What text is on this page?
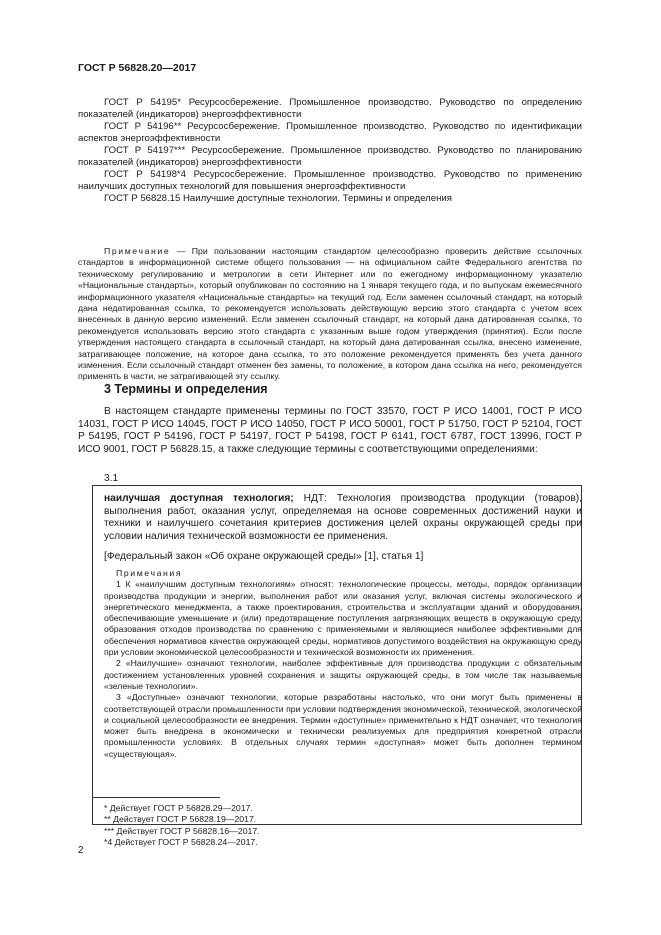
ГОСТ Р 56828.20—2017

ГОСТ Р 54195* Ресурсосбережение. Промышленное производство. Руководство по определению показателей (индикаторов) энергоэффективности

ГОСТ Р 54196** Ресурсосбережение. Промышленное производство. Руководство по идентификации аспектов энергоэффективности

ГОСТ Р 54197*** Ресурсосбережение. Промышленное производство. Руководство по планированию показателей (индикаторов) энергоэффективности

ГОСТ Р 54198*4 Ресурсосбережение. Промышленное производство. Руководство по применению наилучших доступных технологий для повышения энергоэффективности

ГОСТ Р 56828.15 Наилучшие доступные технологии. Термины и определения

Примечание — При пользовании настоящим стандартом целесообразно проверить действие ссылочных стандартов в информационной системе общего пользования — на официальном сайте Федерального агентства по техническому регулированию и метрологии в сети Интернет или по ежегодному информационному указателю «Национальные стандарты», который опубликован по состоянию на 1 января текущего года, и по выпускам ежемесячного информационного указателя «Национальные стандарты» на текущий год. Если заменен ссылочный стандарт, на который дана недатированная ссылка, то рекомендуется использовать действующую версию этого стандарта с учетом всех внесенных в данную версию изменений. Если заменен ссылочный стандарт, на который дана датированная ссылка, то рекомендуется использовать версию этого стандарта с указанным выше годом утверждения (принятия). Если после утверждения настоящего стандарта в ссылочный стандарт, на который дана датированная ссылка, внесено изменение, затрагивающее положение, на которое дана ссылка, то это положение рекомендуется применять без учета данного изменения. Если ссылочный стандарт отменен без замены, то положение, в котором дана ссылка на него, рекомендуется применять в части, не затрагивающей эту ссылку.

3 Термины и определения

В настоящем стандарте применены термины по ГОСТ 33570, ГОСТ Р ИСО 14001, ГОСТ Р ИСО 14031, ГОСТ Р ИСО 14045, ГОСТ Р ИСО 14050, ГОСТ Р ИСО 50001, ГОСТ Р 51750, ГОСТ Р 52104, ГОСТ Р 54195, ГОСТ Р 54196, ГОСТ Р 54197, ГОСТ Р 54198, ГОСТ Р 6141, ГОСТ 6787, ГОСТ 13996, ГОСТ Р ИСО 9001, ГОСТ Р 56828.15, а также следующие термины с соответствующими определениями:

3.1

наилучшая доступная технология; НДТ: Технология производства продукции (товаров), выполнения работ, оказания услуг, определяемая на основе современных достижений науки и техники и наилучшего сочетания критериев достижения целей охраны окружающей среды при условии наличия технической возможности ее применения.

[Федеральный закон «Об охране окружающей среды» [1], статья 1]

Примечания

1 К «наилучшим доступным технологиям» относят: технологические процессы, методы, порядок организации производства продукции и энергии, выполнения работ или оказания услуг, включая системы экологического и энергетического менеджмента, а также проектирования, строительства и эксплуатации зданий и оборудования, обеспечивающие уменьшение и (или) предотвращение поступления загрязняющих веществ в окружающую среду, образования отходов производства по сравнению с применяемыми и являющиеся наиболее эффективными для обеспечения нормативов качества окружающей среды, нормативов допустимого воздействия на окружающую среду при условии экономической целесообразности и технической возможности их применения.

2 «Наилучшие» означают технологии, наиболее эффективные для производства продукции с обязательным достижением установленных уровней сохранения и защиты окружающей среды, в том числе так называемые «зеленые технологии».

3 «Доступные» означают технологии, которые разработаны настолько, что они могут быть применены в соответствующей отрасли промышленности при условии подтверждения экономической, технической, экологической и социальной целесообразности ее внедрения. Термин «доступные» применительно к НДТ означает, что технология может быть внедрена в экономически и технически реализуемых для предприятия конкретной отрасли промышленности условиях. В отдельных случаях термин «доступная» может быть дополнен термином «существующая».

* Действует ГОСТ Р 56828.29—2017.

** Действует ГОСТ Р 56828.19—2017.

*** Действует ГОСТ Р 56828.16—2017.

*4 Действует ГОСТ Р 56828.24—2017.

2
